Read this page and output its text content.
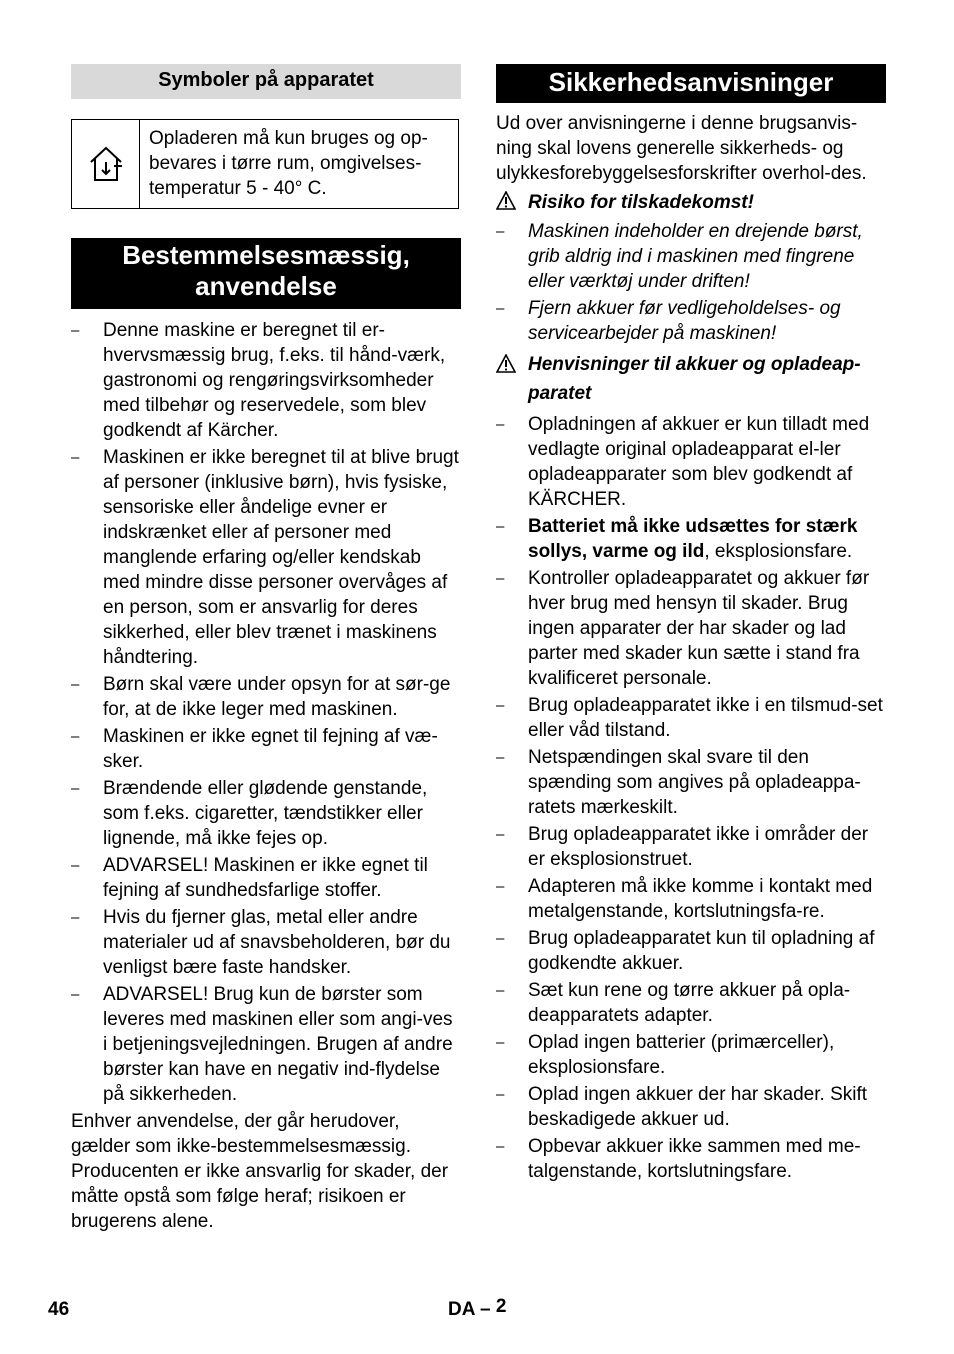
Symboler på apparatet
Opladeren må kun bruges og op-bevares i tørre rum, omgivelses-temperatur 5 - 40° C.
Bestemmelsesmæssig,
anvendelse
– Denne maskine er beregnet til er-hvervsmæssig brug, f.eks. til hånd-værk, gastronomi og rengøringsvirksomheder med tilbehør og reservedele, som blev godkendt af Kärcher.
– Maskinen er ikke beregnet til at blive brugt af personer (inklusive børn), hvis fysiske, sensoriske eller åndelige evner er indskrænket eller af personer med manglende erfaring og/eller kendskab med mindre disse personer overvåges af en person, som er ansvarlig for deres sikkerhed, eller blev trænet i maskinens håndtering.
– Børn skal være under opsyn for at sør-ge for, at de ikke leger med maskinen.
– Maskinen er ikke egnet til fejning af væ-sker.
– Brændende eller glødende genstande, som f.eks. cigaretter, tændstikker eller lignende, må ikke fejes op.
– ADVARSEL! Maskinen er ikke egnet til fejning af sundhedsfarlige stoffer.
– Hvis du fjerner glas, metal eller andre materialer ud af snavsbeholderen, bør du venligst bære faste handsker.
– ADVARSEL! Brug kun de børster som leveres med maskinen eller som angi-ves i betjeningsvejledningen. Brugen af andre børster kan have en negativ ind-flydelse på sikkerheden.

Enhver anvendelse, der går herudover, gælder som ikke-bestemmelsesmæssig. Producenten er ikke ansvarlig for skader, der måtte opstå som følge heraf; risikoen er brugerens alene.

Sikkerhedsanvisninger

Ud over anvisningerne i denne brugsanvis-ning skal lovens generelle sikkerheds- og ulykkesforebyggelsesforskrifter overhol-des.

Risiko for tilskadekomst!
– Maskinen indeholder en drejende børst, grib aldrig ind i maskinen med fingrene eller værktøj under driften!
– Fjern akkuer før vedligeholdelses- og servicearbejder på maskinen!
Henvisninger til akkuer og opladeap-paratet
– Opladningen af akkuer er kun tilladt med vedlagte original opladeapparat el-ler opladeapparater som blev godkendt af KÄRCHER.
– Batteriet må ikke udsættes for stærk sollys, varme og ild, eksplosionsfare.
– Kontroller opladeapparatet og akkuer før hver brug med hensyn til skader. Brug ingen apparater der har skader og lad parter med skader kun sætte i stand fra kvalificeret personale.
– Brug opladeapparatet ikke i en tilsmud-set eller våd tilstand.
– Netspændingen skal svare til den spænding som angives på opladeappa-ratets mærkeskilt.
– Brug opladeapparatet ikke i områder der er eksplosionstruet.
– Adapteren må ikke komme i kontakt med metalgenstande, kortslutningsfa-re.
– Brug opladeapparatet kun til opladning af godkendte akkuer.
– Sæt kun rene og tørre akkuer på opla-deapparatets adapter.
– Oplad ingen batterier (primærceller), eksplosionsfare.
– Oplad ingen akkuer der har skader. Skift beskadigede akkuer ud.
– Opbevar akkuer ikke sammen med me-talgenstande, kortslutningsfare.
46	DA – 2
